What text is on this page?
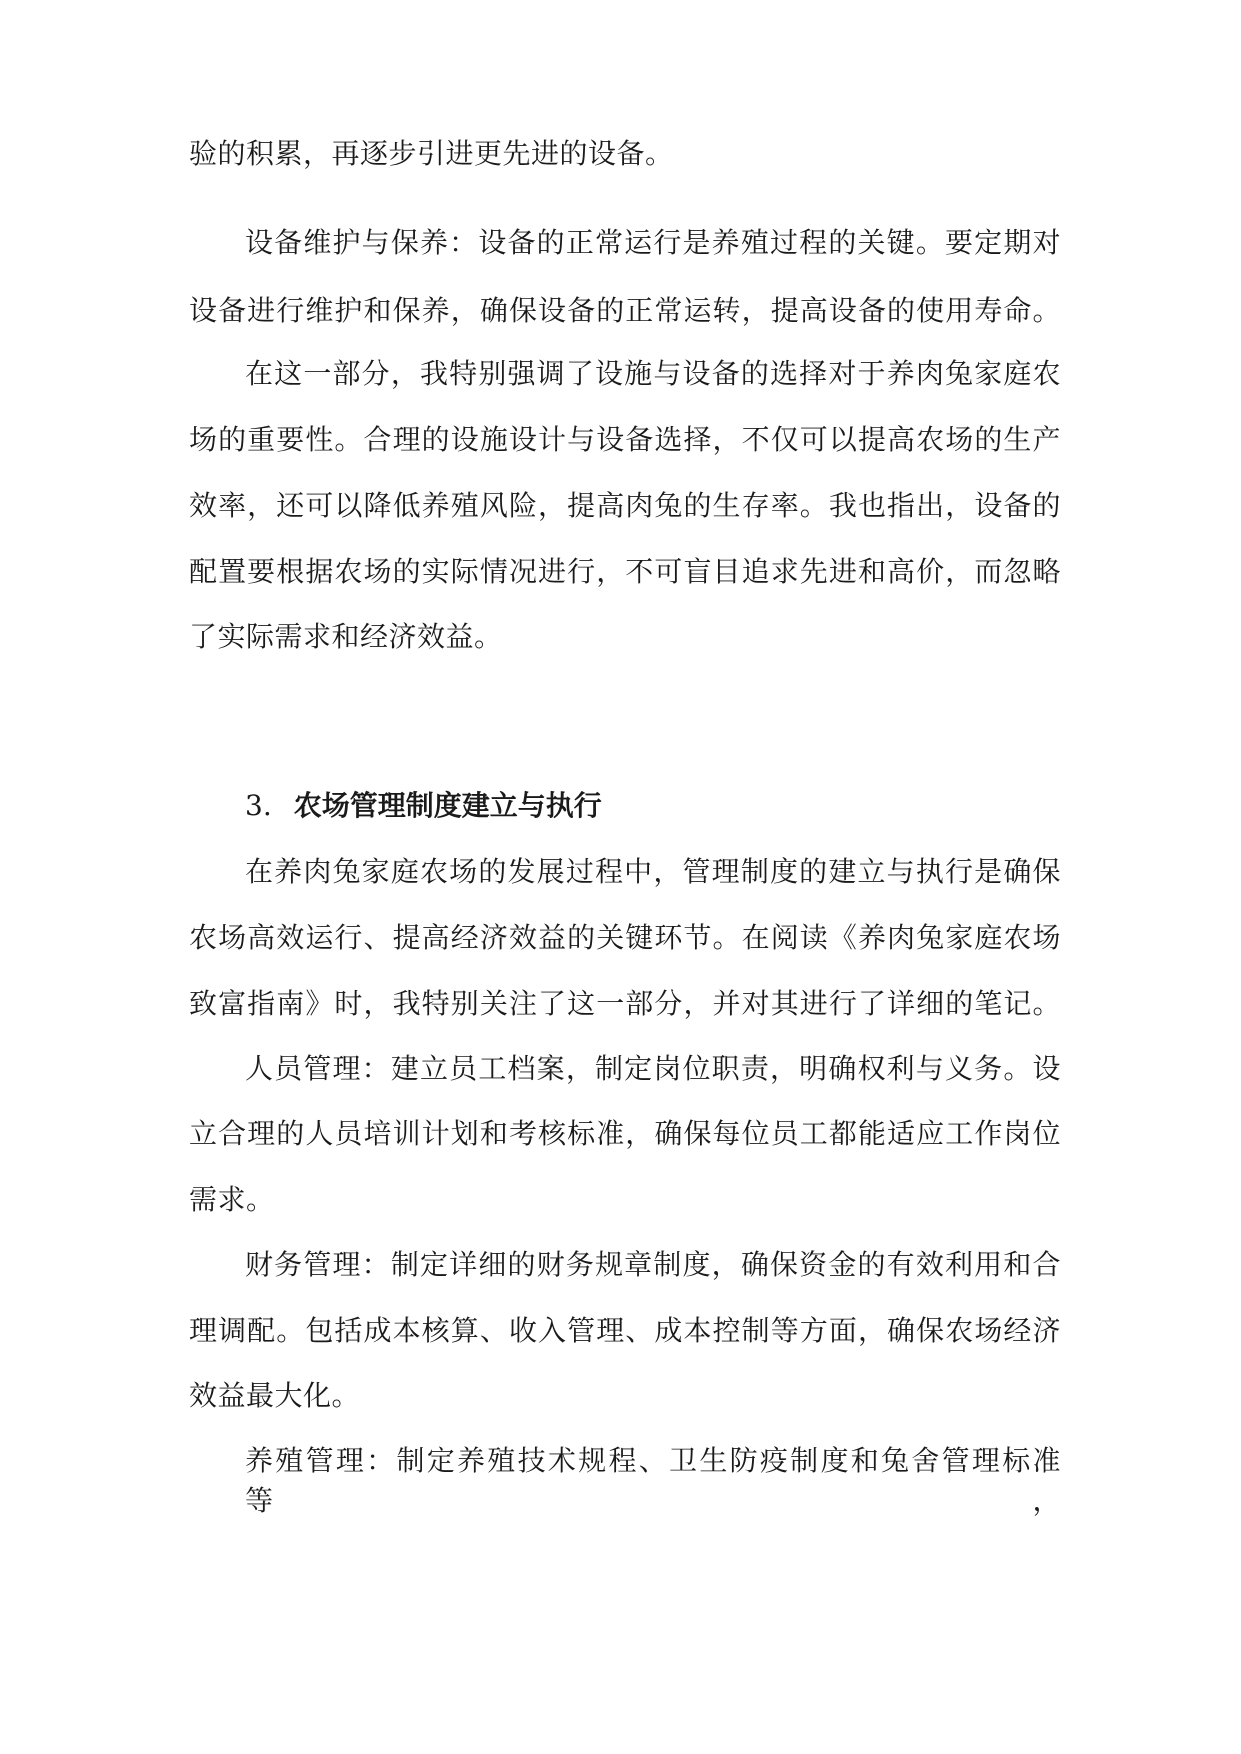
验的积累，再逐步引进更先进的设备。
设备维护与保养：设备的正常运行是养殖过程的关键。要定期对
设备进行维护和保养，确保设备的正常运转，提高设备的使用寿命。
在这一部分，我特别强调了设施与设备的选择对于养肉兔家庭农
场的重要性。合理的设施设计与设备选择，不仅可以提高农场的生产
效率，还可以降低养殖风险，提高肉兔的生存率。我也指出，设备的
配置要根据农场的实际情况进行，不可盲目追求先进和高价，而忽略
了实际需求和经济效益。
3. 农场管理制度建立与执行
在养肉兔家庭农场的发展过程中，管理制度的建立与执行是确保
农场高效运行、提高经济效益的关键环节。在阅读《养肉兔家庭农场
致富指南》时，我特别关注了这一部分，并对其进行了详细的笔记。
人员管理：建立员工档案，制定岗位职责，明确权利与义务。设
立合理的人员培训计划和考核标准，确保每位员工都能适应工作岗位
需求。
财务管理：制定详细的财务规章制度，确保资金的有效利用和合
理调配。包括成本核算、收入管理、成本控制等方面，确保农场经济
效益最大化。
养殖管理：制定养殖技术规程、卫生防疫制度和兔舍管理标准等，
